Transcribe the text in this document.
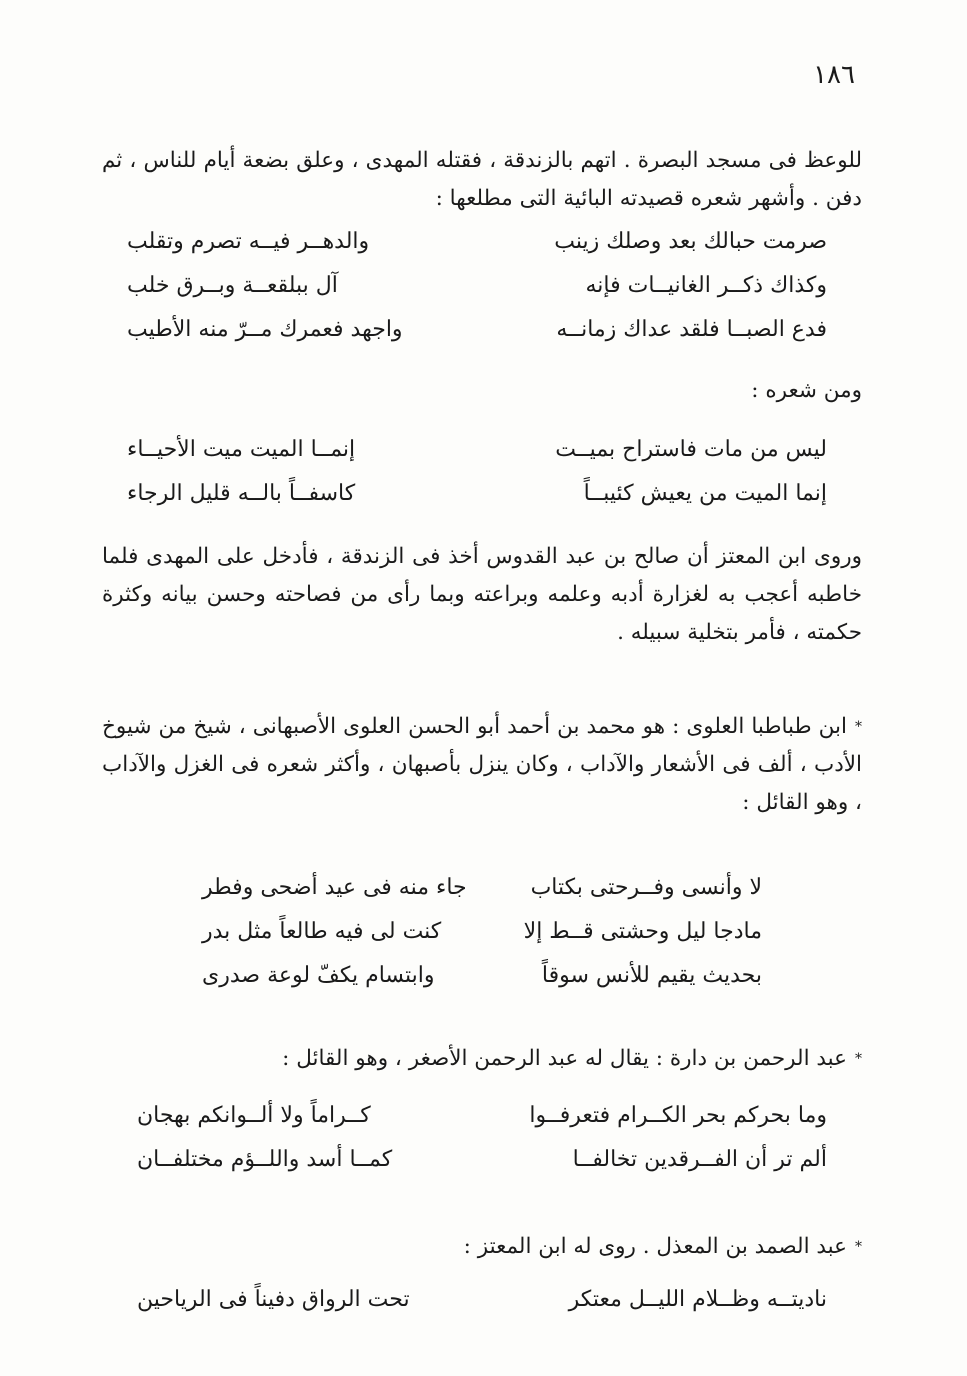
١٨٦
للوعظ فى مسجد البصرة . اتهم بالزندقة ، فقتله المهدى ، وعلق بضعة أيام للناس ، ثم دفن . وأشهر شعره قصيدته البائية التى مطلعها :
صرمت حبالك بعد وصلك زينب
والدهــر فيــه تصرم وتقلب
وكذاك ذكــر الغانيــات فإنه
آل ببلقعــة وبــرق خلب
فدع الصبــا فلقد عداك زمانــه
واجهد فعمرك مــرّ منه الأطيب
ومن شعره :
ليس من مات فاستراح بميــت
إنمــا الميت ميت الأحيــاء
إنما الميت من يعيش كئيبــاً
كاسفــاً بالــه قليل الرجاء
وروى ابن المعتز أن صالح بن عبد القدوس أخذ فى الزندقة ، فأدخل على المهدى فلما خاطبه أعجب به لغزارة أدبه وعلمه وبراعته وبما رأى من فصاحته وحسن بيانه وكثرة حكمته ، فأمر بتخلية سبيله .
*ابن طباطبا العلوى : هو محمد بن أحمد أبو الحسن العلوى الأصبهانى ، شيخ من شيوخ الأدب ، ألف فى الأشعار والآداب ، وكان ينزل بأصبهان ، وأكثر شعره فى الغزل والآداب ، وهو القائل :
لا وأنسى وفــرحتى بكتاب
جاء منه فى عيد أضحى وفطر
مادجا ليل وحشتى قــط إلا
كنت لى فيه طالعاً مثل بدر
بحديث يقيم للأنس سوقاً
وابتسام يكفّ لوعة صدرى
*عبد الرحمن بن دارة : يقال له عبد الرحمن الأصغر ، وهو القائل :
وما بحركم بحر الكــرام فتعرفــوا
كــراماً ولا ألــوانكم بهجان
ألم تر أن الفــرقدين تخالفــا
كمــا أسد واللــؤم مختلفــان
*عبد الصمد بن المعذل . روى له ابن المعتز :
ناديتــه وظــلام الليــل معتكر
تحت الرواق دفيناً فى الرياحين
